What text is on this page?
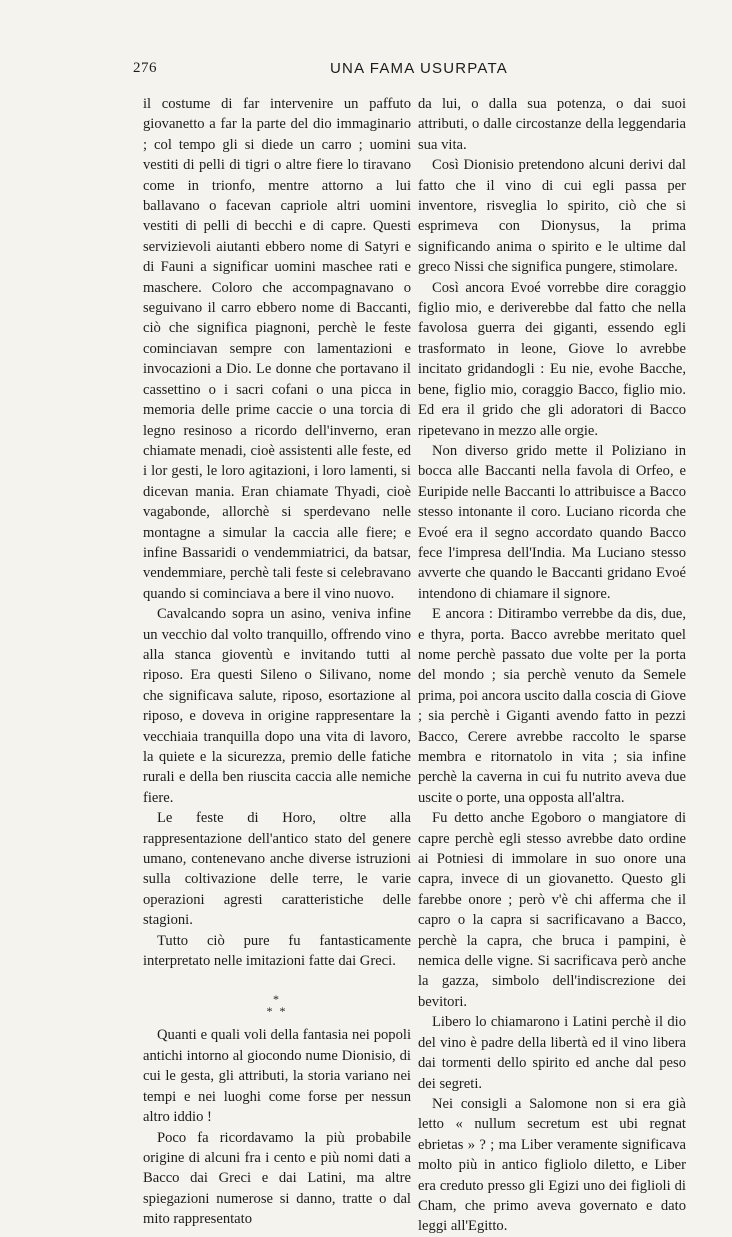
276	UNA FAMA USURPATA

il costume di far intervenire un paffuto giovanetto a far la parte del dio immaginario ; col tempo gli si diede un carro ; uomini vestiti di pelli di tigri o altre fiere lo tiravano come in trionfo, mentre attorno a lui ballavano o facevan capriole altri uomini vestiti di pelli di becchi e di capre. Questi servizievoli aiutanti ebbero nome di Satyri e di Fauni a significar uomini maschee rati e maschere. Coloro che accompagnavano o seguivano il carro ebbero nome di Baccanti, ciò che significa piagnoni, perchè le feste cominciavan sempre con lamentazioni e invocazioni a Dio. Le donne che portavano il cassettino o i sacri cofani o una picca in memoria delle prime caccie o una torcia di legno resinoso a ricordo dell'inverno, eran chiamate menadi, cioè assistenti alle feste, ed i lor gesti, le loro agitazioni, i loro lamenti, si dicevan mania. Eran chiamate Thyadi, cioè vagabonde, allorchè si sperdevano nelle montagne a simular la caccia alle fiere; e infine Bassaridi o vendemmiatrici, da batsar, vendemmiare, perchè tali feste si celebravano quando si cominciava a bere il vino nuovo.

Cavalcando sopra un asino, veniva infine un vecchio dal volto tranquillo, offrendo vino alla stanca gioventù e invitando tutti al riposo. Era questi Sileno o Silivano, nome che significava salute, riposo, esortazione al riposo, e doveva in origine rappresentare la vecchiaia tranquilla dopo una vita di lavoro, la quiete e la sicurezza, premio delle fatiche rurali e della ben riuscita caccia alle nemiche fiere.

Le feste di Horo, oltre alla rappresentazione dell'antico stato del genere umano, contenevano anche diverse istruzioni sulla coltivazione delle terre, le varie operazioni agresti caratteristiche delle stagioni.

Tutto ciò pure fu fantasticamente interpretato nelle imitazioni fatte dai Greci.

*
* *

Quanti e quali voli della fantasia nei popoli antichi intorno al giocondo nume Dionisio, di cui le gesta, gli attributi, la storia variano nei tempi e nei luoghi come forse per nessun altro iddio !

Poco fa ricordavamo la più probabile origine di alcuni fra i cento e più nomi dati a Bacco dai Greci e dai Latini, ma altre spiegazioni numerose si danno, tratte o dal mito rappresentato

da lui, o dalla sua potenza, o dai suoi attributi, o dalle circostanze della leggendaria sua vita.

Così Dionisio pretendono alcuni derivi dal fatto che il vino di cui egli passa per inventore, risveglia lo spirito, ciò che si esprimeva con Dionysus, la prima significando anima o spirito e le ultime dal greco Nissi che significa pungere, stimolare.

Così ancora Evoé vorrebbe dire coraggio figlio mio, e deriverebbe dal fatto che nella favolosa guerra dei giganti, essendo egli trasformato in leone, Giove lo avrebbe incitato gridandogli : Eu nie, evohe Bacche, bene, figlio mio, coraggio Bacco, figlio mio. Ed era il grido che gli adoratori di Bacco ripetevano in mezzo alle orgie.

Non diverso grido mette il Poliziano in bocca alle Baccanti nella favola di Orfeo, e Euripide nelle Baccanti lo attribuisce a Bacco stesso intonante il coro. Luciano ricorda che Evoé era il segno accordato quando Bacco fece l'impresa dell'India. Ma Luciano stesso avverte che quando le Baccanti gridano Evoé intendono di chiamare il signore.

E ancora : Ditirambo verrebbe da dis, due, e thyra, porta. Bacco avrebbe meritato quel nome perchè passato due volte per la porta del mondo ; sia perchè venuto da Semele prima, poi ancora uscito dalla coscia di Giove ; sia perchè i Giganti avendo fatto in pezzi Bacco, Cerere avrebbe raccolto le sparse membra e ritornatolo in vita ; sia infine perchè la caverna in cui fu nutrito aveva due uscite o porte, una opposta all'altra.

Fu detto anche Egoboro o mangiatore di capre perchè egli stesso avrebbe dato ordine ai Potniesi di immolare in suo onore una capra, invece di un giovanetto. Questo gli farebbe onore ; però v'è chi afferma che il capro o la capra si sacrificavano a Bacco, perchè la capra, che bruca i pampini, è nemica delle vigne. Si sacrificava però anche la gazza, simbolo dell'indiscrezione dei bevitori.

Libero lo chiamarono i Latini perchè il dio del vino è padre della libertà ed il vino libera dai tormenti dello spirito ed anche dal peso dei segreti.

Nei consigli a Salomone non si era già letto « nullum secretum est ubi regnat ebrietas » ? ; ma Liber veramente significava molto più in antico figliolo diletto, e Liber era creduto presso gli Egizi uno dei figlioli di Cham, che primo aveva governato e dato leggi all'Egitto.
